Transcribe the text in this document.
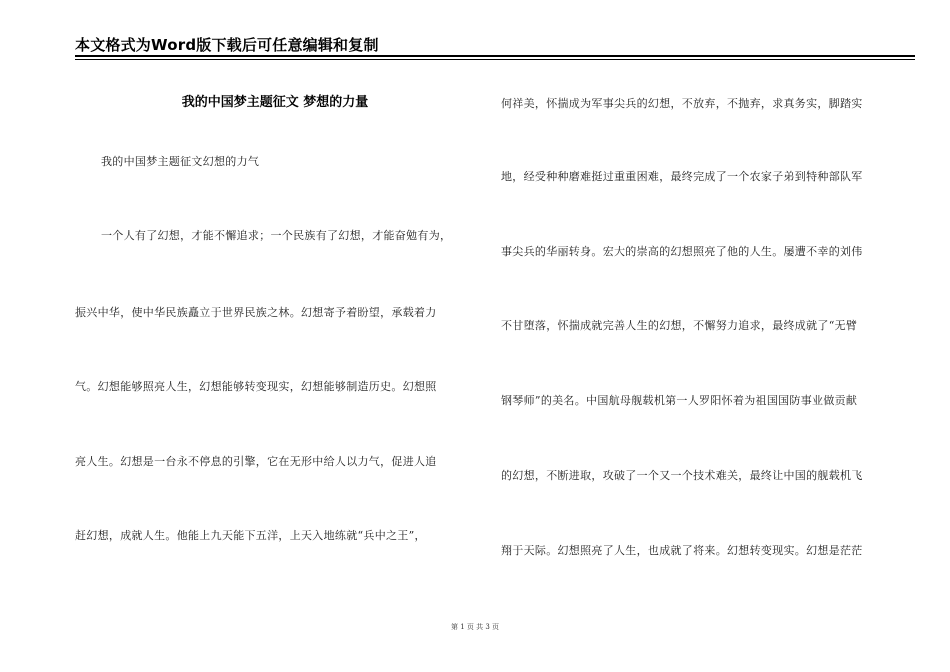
本文格式为Word版下载后可任意编辑和复制
我的中国梦主题征文 梦想的力量
我的中国梦主题征文幻想的力气
一个人有了幻想，才能不懈追求；一个民族有了幻想，才能奋勉有为，
振兴中华，使中华民族矗立于世界民族之林。幻想寄予着盼望，承载着力
气。幻想能够照亮人生，幻想能够转变现实，幻想能够制造历史。幻想照
亮人生。幻想是一台永不停息的引擎，它在无形中给人以力气，促进人追
赶幻想，成就人生。他能上九天能下五洋，上天入地练就“兵中之王”，
何祥美，怀揣成为军事尖兵的幻想，不放弃，不抛弃，求真务实，脚踏实
地，经受种种磨难挺过重重困难，最终完成了一个农家子弟到特种部队军
事尖兵的华丽转身。宏大的崇高的幻想照亮了他的人生。屡遭不幸的刘伟
不甘堕落，怀揣成就完善人生的幻想，不懈努力追求，最终成就了“无臂
钢琴师”的美名。中国航母舰载机第一人罗阳怀着为祖国国防事业做贡献
的幻想，不断进取，攻破了一个又一个技术难关，最终让中国的舰载机飞
翔于天际。幻想照亮了人生，也成就了将来。幻想转变现实。幻想是茫茫
第 1 页 共 3 页
